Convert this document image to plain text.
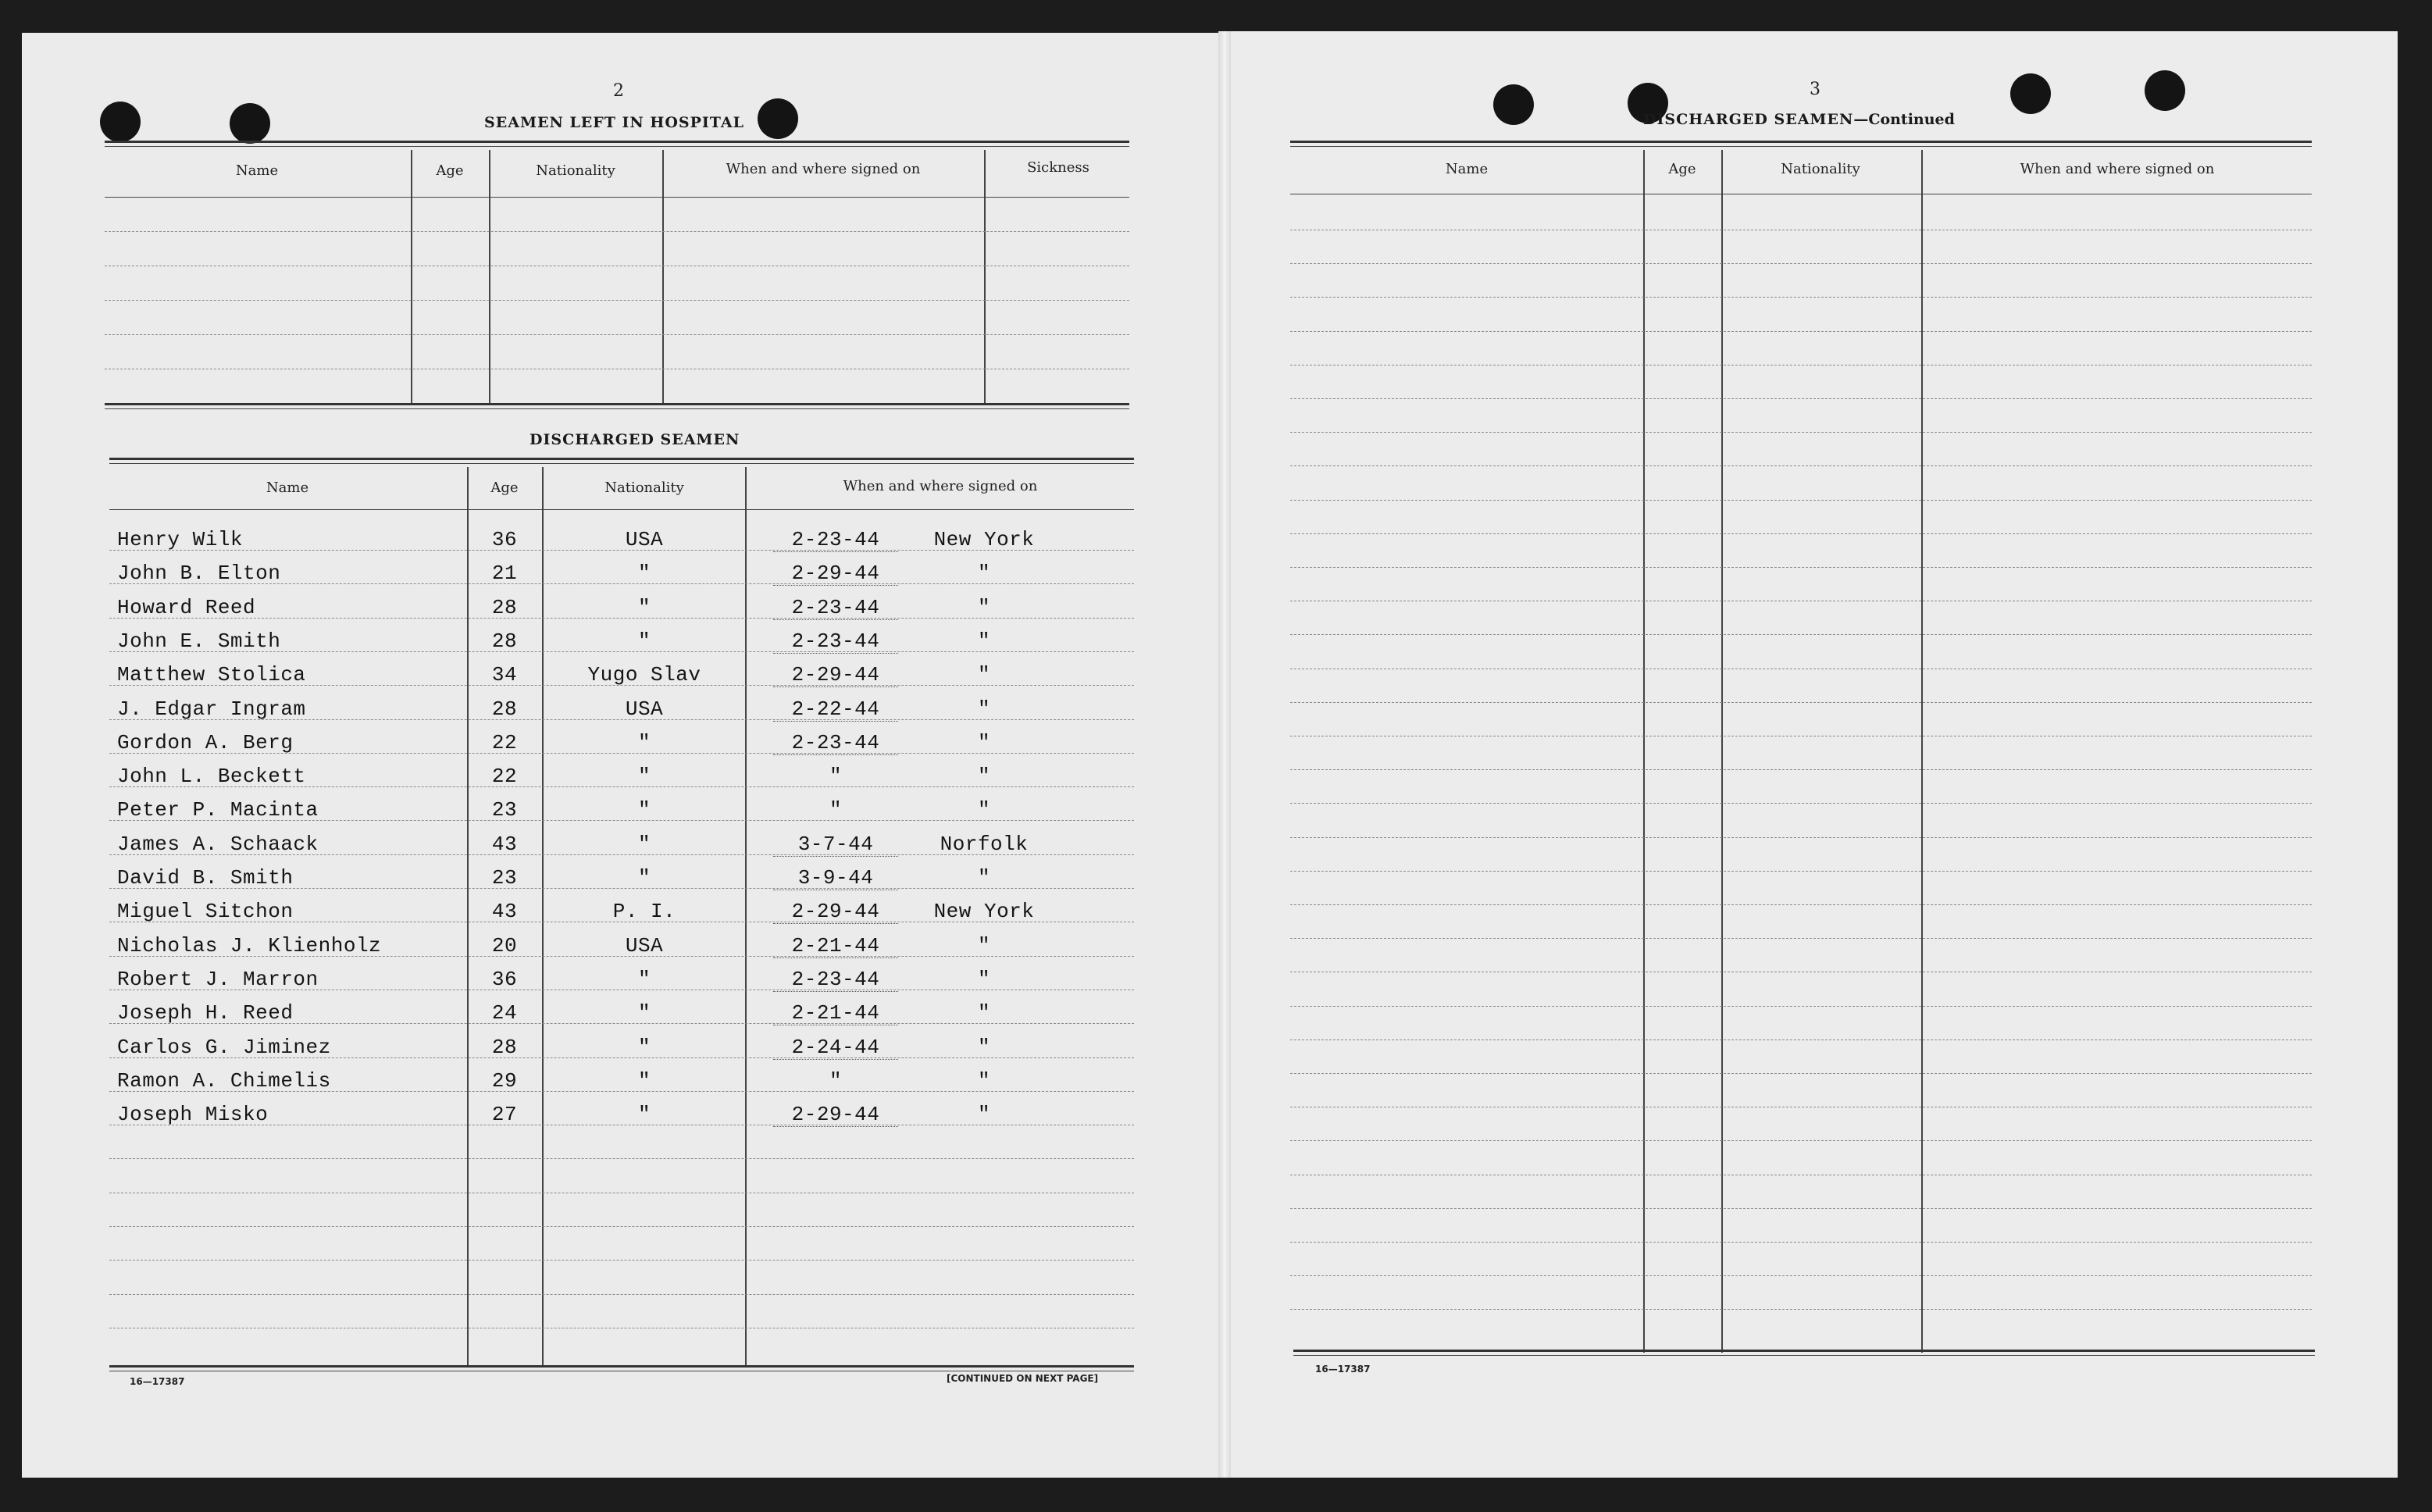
2
SEAMEN LEFT IN HOSPITAL
Name	Age	Nationality	When and where signed on	Sickness
DISCHARGED SEAMEN
Name	Age	Nationality	When and where signed on
Henry Wilk	36	USA	2-23-44	New York
John B. Elton	21	"	2-29-44	"
Howard Reed	28	"	2-23-44	"
John E. Smith	28	"	2-23-44	"
Matthew Stolica	34	Yugo Slav	2-29-44	"
J. Edgar Ingram	28	USA	2-22-44	"
Gordon A. Berg	22	"	2-23-44	"
John L. Beckett	22	"	"	"
Peter P. Macinta	23	"	"	"
James A. Schaack	43	"	3-7-44	Norfolk
David B. Smith	23	"	3-9-44	"
Miguel Sitchon	43	P. I.	2-29-44	New York
Nicholas J. Klienholz	20	USA	2-21-44	"
Robert J. Marron	36	"	2-23-44	"
Joseph H. Reed	24	"	2-21-44	"
Carlos G. Jiminez	28	"	2-24-44	"
Ramon A. Chimelis	29	"	"	"
Joseph Misko	27	"	2-29-44	"
16—17387	[CONTINUED ON NEXT PAGE]
3
DISCHARGED SEAMEN—Continued
Name	Age	Nationality	When and where signed on
16—17387
